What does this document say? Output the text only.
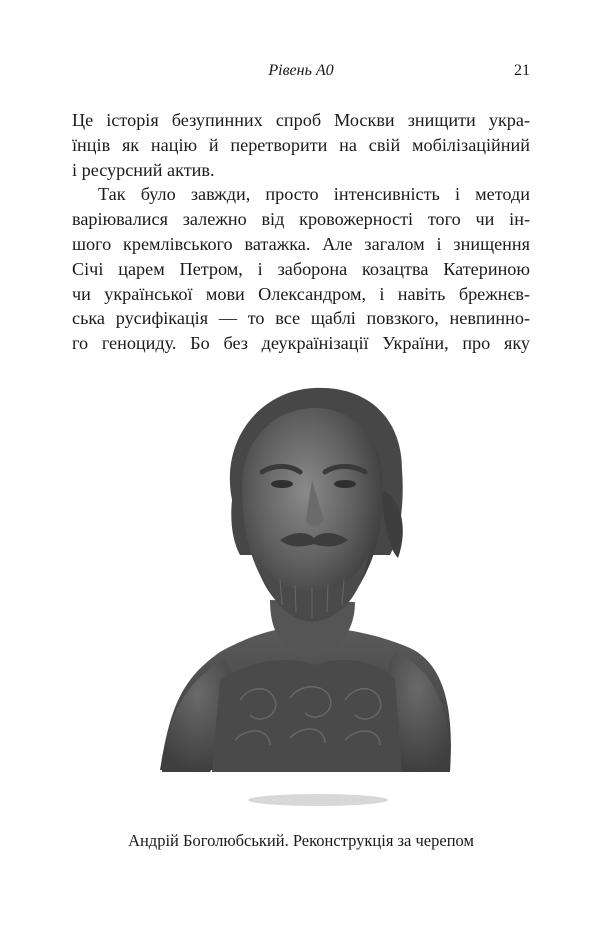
Рівень A0	21
Це історія безупинних спроб Москви знищити укра-
їнців як націю й перетворити на свій мобілізаційний
і ресурсний актив.
Так було завжди, просто інтенсивність і методи
варіювалися залежно від кровожерності того чи ін-
шого кремлівського ватажка. Але загалом і знищення
Січі царем Петром, і заборона козацтва Катериною
чи української мови Олександром, і навіть брежнєв-
ська русифікація — то все щаблі повзкого, невпинно-
го геноциду. Бо без деукраїнізації України, про яку
Андрій Боголюбський. Реконструкція за черепом
